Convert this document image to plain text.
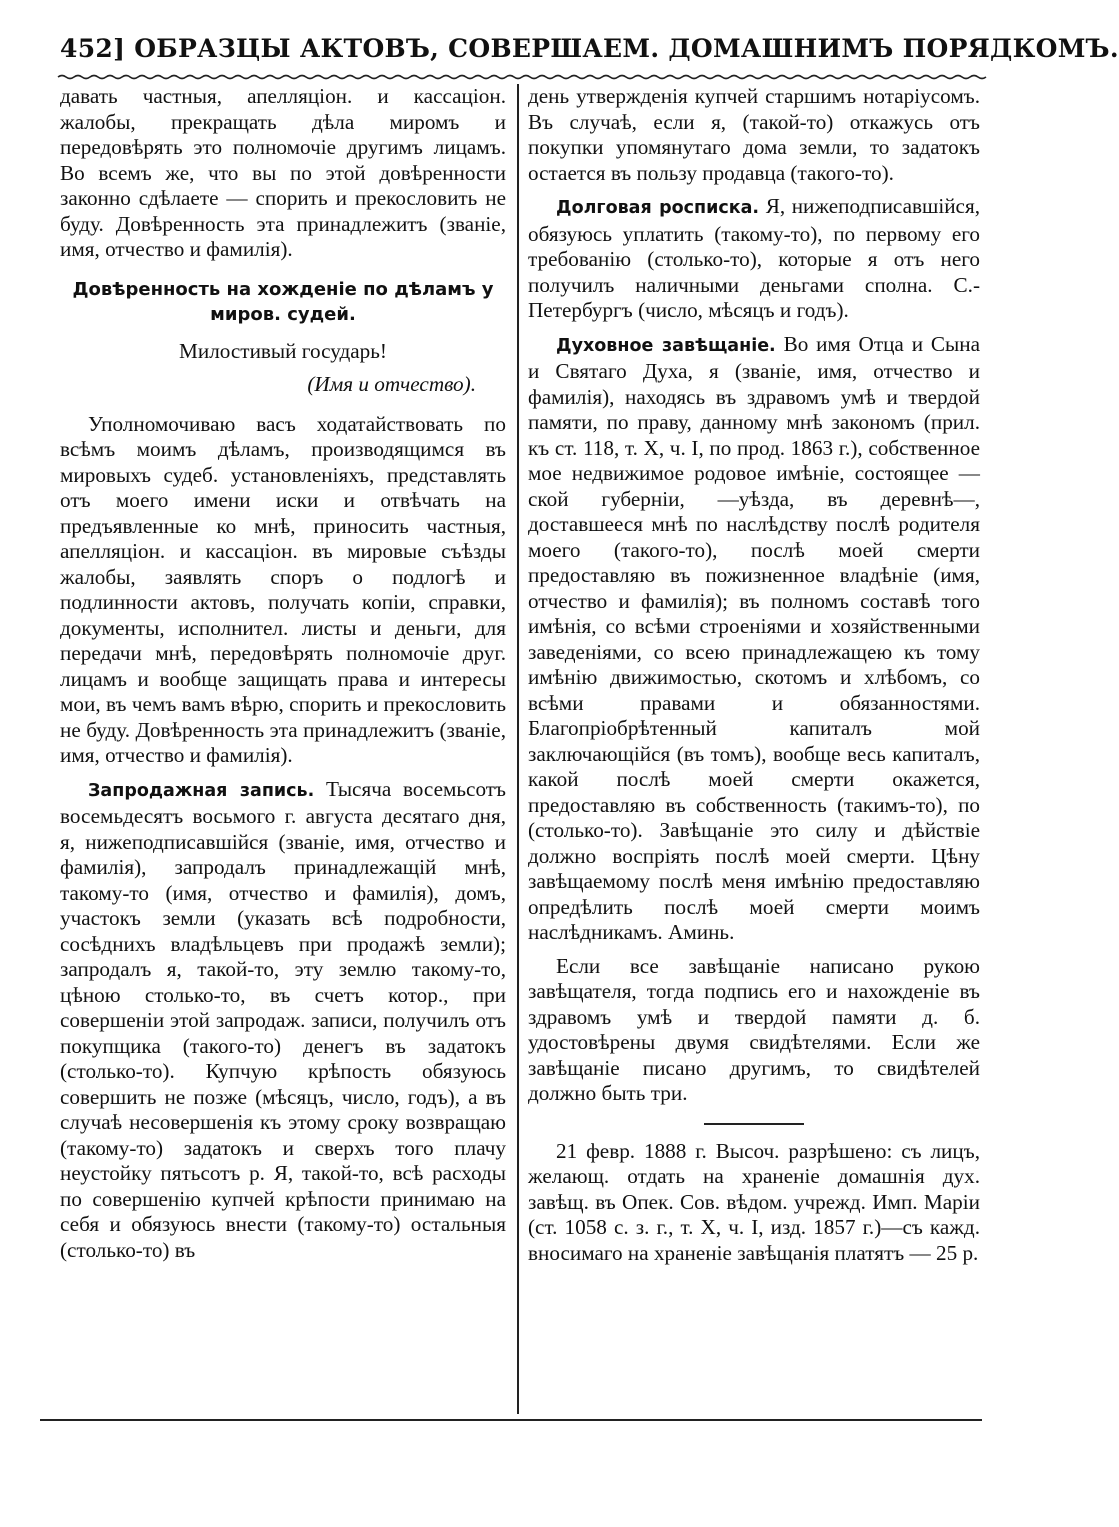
452] ОБРАЗЦЫ АКТОВЪ, СОВЕРШАЕМ. ДОМАШНИМЪ ПОРЯДКОМЪ.

давать частныя, апелляціон. и кассаціон. жалобы, прекращать дѣла миромъ и передовѣрять это полномочіе другимъ лицамъ. Во всемъ же, что вы по этой довѣренности законно сдѣлаете — спорить и прекословить не буду. Довѣренность эта принадлежитъ (званіе, имя, отчество и фамилія).

Довѣренность на хожденіе по дѣламъ у миров. судей.

Милостивый государь!

(Имя и отчество).

Уполномочиваю васъ ходатайствовать по всѣмъ моимъ дѣламъ, производящимся въ мировыхъ судеб. установленіяхъ, представлять отъ моего имени иски и отвѣчать на предъявленные ко мнѣ, приносить частныя, апелляціон. и кассаціон. въ мировые съѣзды жалобы, заявлять споръ о подлогѣ и подлинности актовъ, получать копіи, справки, документы, исполнител. листы и деньги, для передачи мнѣ, передовѣрять полномочіе друг. лицамъ и вообще защищать права и интересы мои, въ чемъ вамъ вѣрю, спорить и прекословить не буду. Довѣренность эта принадлежитъ (званіе, имя, отчество и фамилія).

Запродажная запись. Тысяча восемьсотъ восемьдесятъ восьмого г. августа десятаго дня, я, нижеподписавшійся (званіе, имя, отчество и фамилія), запродалъ принадлежащій мнѣ, такому-то (имя, отчество и фамилія), домъ, участокъ земли (указать всѣ подробности, сосѣднихъ владѣльцевъ при продажѣ земли); запродалъ я, такой-то, эту землю такому-то, цѣною столько-то, въ счетъ котор., при совершеніи этой запродаж. записи, получилъ отъ покупщика (такого-то) денегъ въ задатокъ (столько-то). Купчую крѣпость обязуюсь совершить не позже (мѣсяцъ, число, годъ), а въ случаѣ несовершенія къ этому сроку возвращаю (такому-то) задатокъ и сверхъ того плачу неустойку пятьсотъ р. Я, такой-то, всѣ расходы по совершенію купчей крѣпости принимаю на себя и обязуюсь внести (такому-то) остальныя (столько-то) въ

день утвержденія купчей старшимъ нотаріусомъ. Въ случаѣ, если я, (такой-то) откажусь отъ покупки упомянутаго дома земли, то задатокъ остается въ пользу продавца (такого-то).

Долговая росписка. Я, нижеподписавшійся, обязуюсь уплатить (такому-то), по первому его требованію (столько-то), которые я отъ него получилъ наличными деньгами сполна. С.-Петербургъ (число, мѣсяцъ и годъ).

Духовное завѣщаніе. Во имя Отца и Сына и Святаго Духа, я (званіе, имя, отчество и фамилія), находясь въ здравомъ умѣ и твердой памяти, по праву, данному мнѣ закономъ (прил. къ ст. 118, т. X, ч. I, по прод. 1863 г.), собственное мое недвижимое родовое имѣніе, состоящее —ской губерніи, —уѣзда, въ деревнѣ—, доставшееся мнѣ по наслѣдству послѣ родителя моего (такого-то), послѣ моей смерти предоставляю въ пожизненное владѣніе (имя, отчество и фамилія); въ полномъ составѣ того имѣнія, со всѣми строеніями и хозяйственными заведеніями, со всею принадлежащею къ тому имѣнію движимостью, скотомъ и хлѣбомъ, со всѣми правами и обязанностями. Благопріобрѣтенный капиталъ мой заключающійся (въ томъ), вообще весь капиталъ, какой послѣ моей смерти окажется, предоставляю въ собственность (такимъ-то), по (столько-то). Завѣщаніе это силу и дѣйствіе должно воспріять послѣ моей смерти. Цѣну завѣщаемому послѣ меня имѣнію предоставляю опредѣлить послѣ моей смерти моимъ наслѣдникамъ. Аминь.

Если все завѣщаніе написано рукою завѣщателя, тогда подпись его и нахожденіе въ здравомъ умѣ и твердой памяти д. б. удостовѣрены двумя свидѣтелями. Если же завѣщаніе писано другимъ, то свидѣтелей должно быть три.

21 февр. 1888 г. Высоч. разрѣшено: съ лицъ, желающ. отдать на храненіе домашнія дух. завѣщ. въ Опек. Сов. вѣдом. учрежд. Имп. Маріи (ст. 1058 с. з. г., т. X, ч. I, изд. 1857 г.)—съ кажд. вносимаго на храненіе завѣщанія платятъ — 25 р.
